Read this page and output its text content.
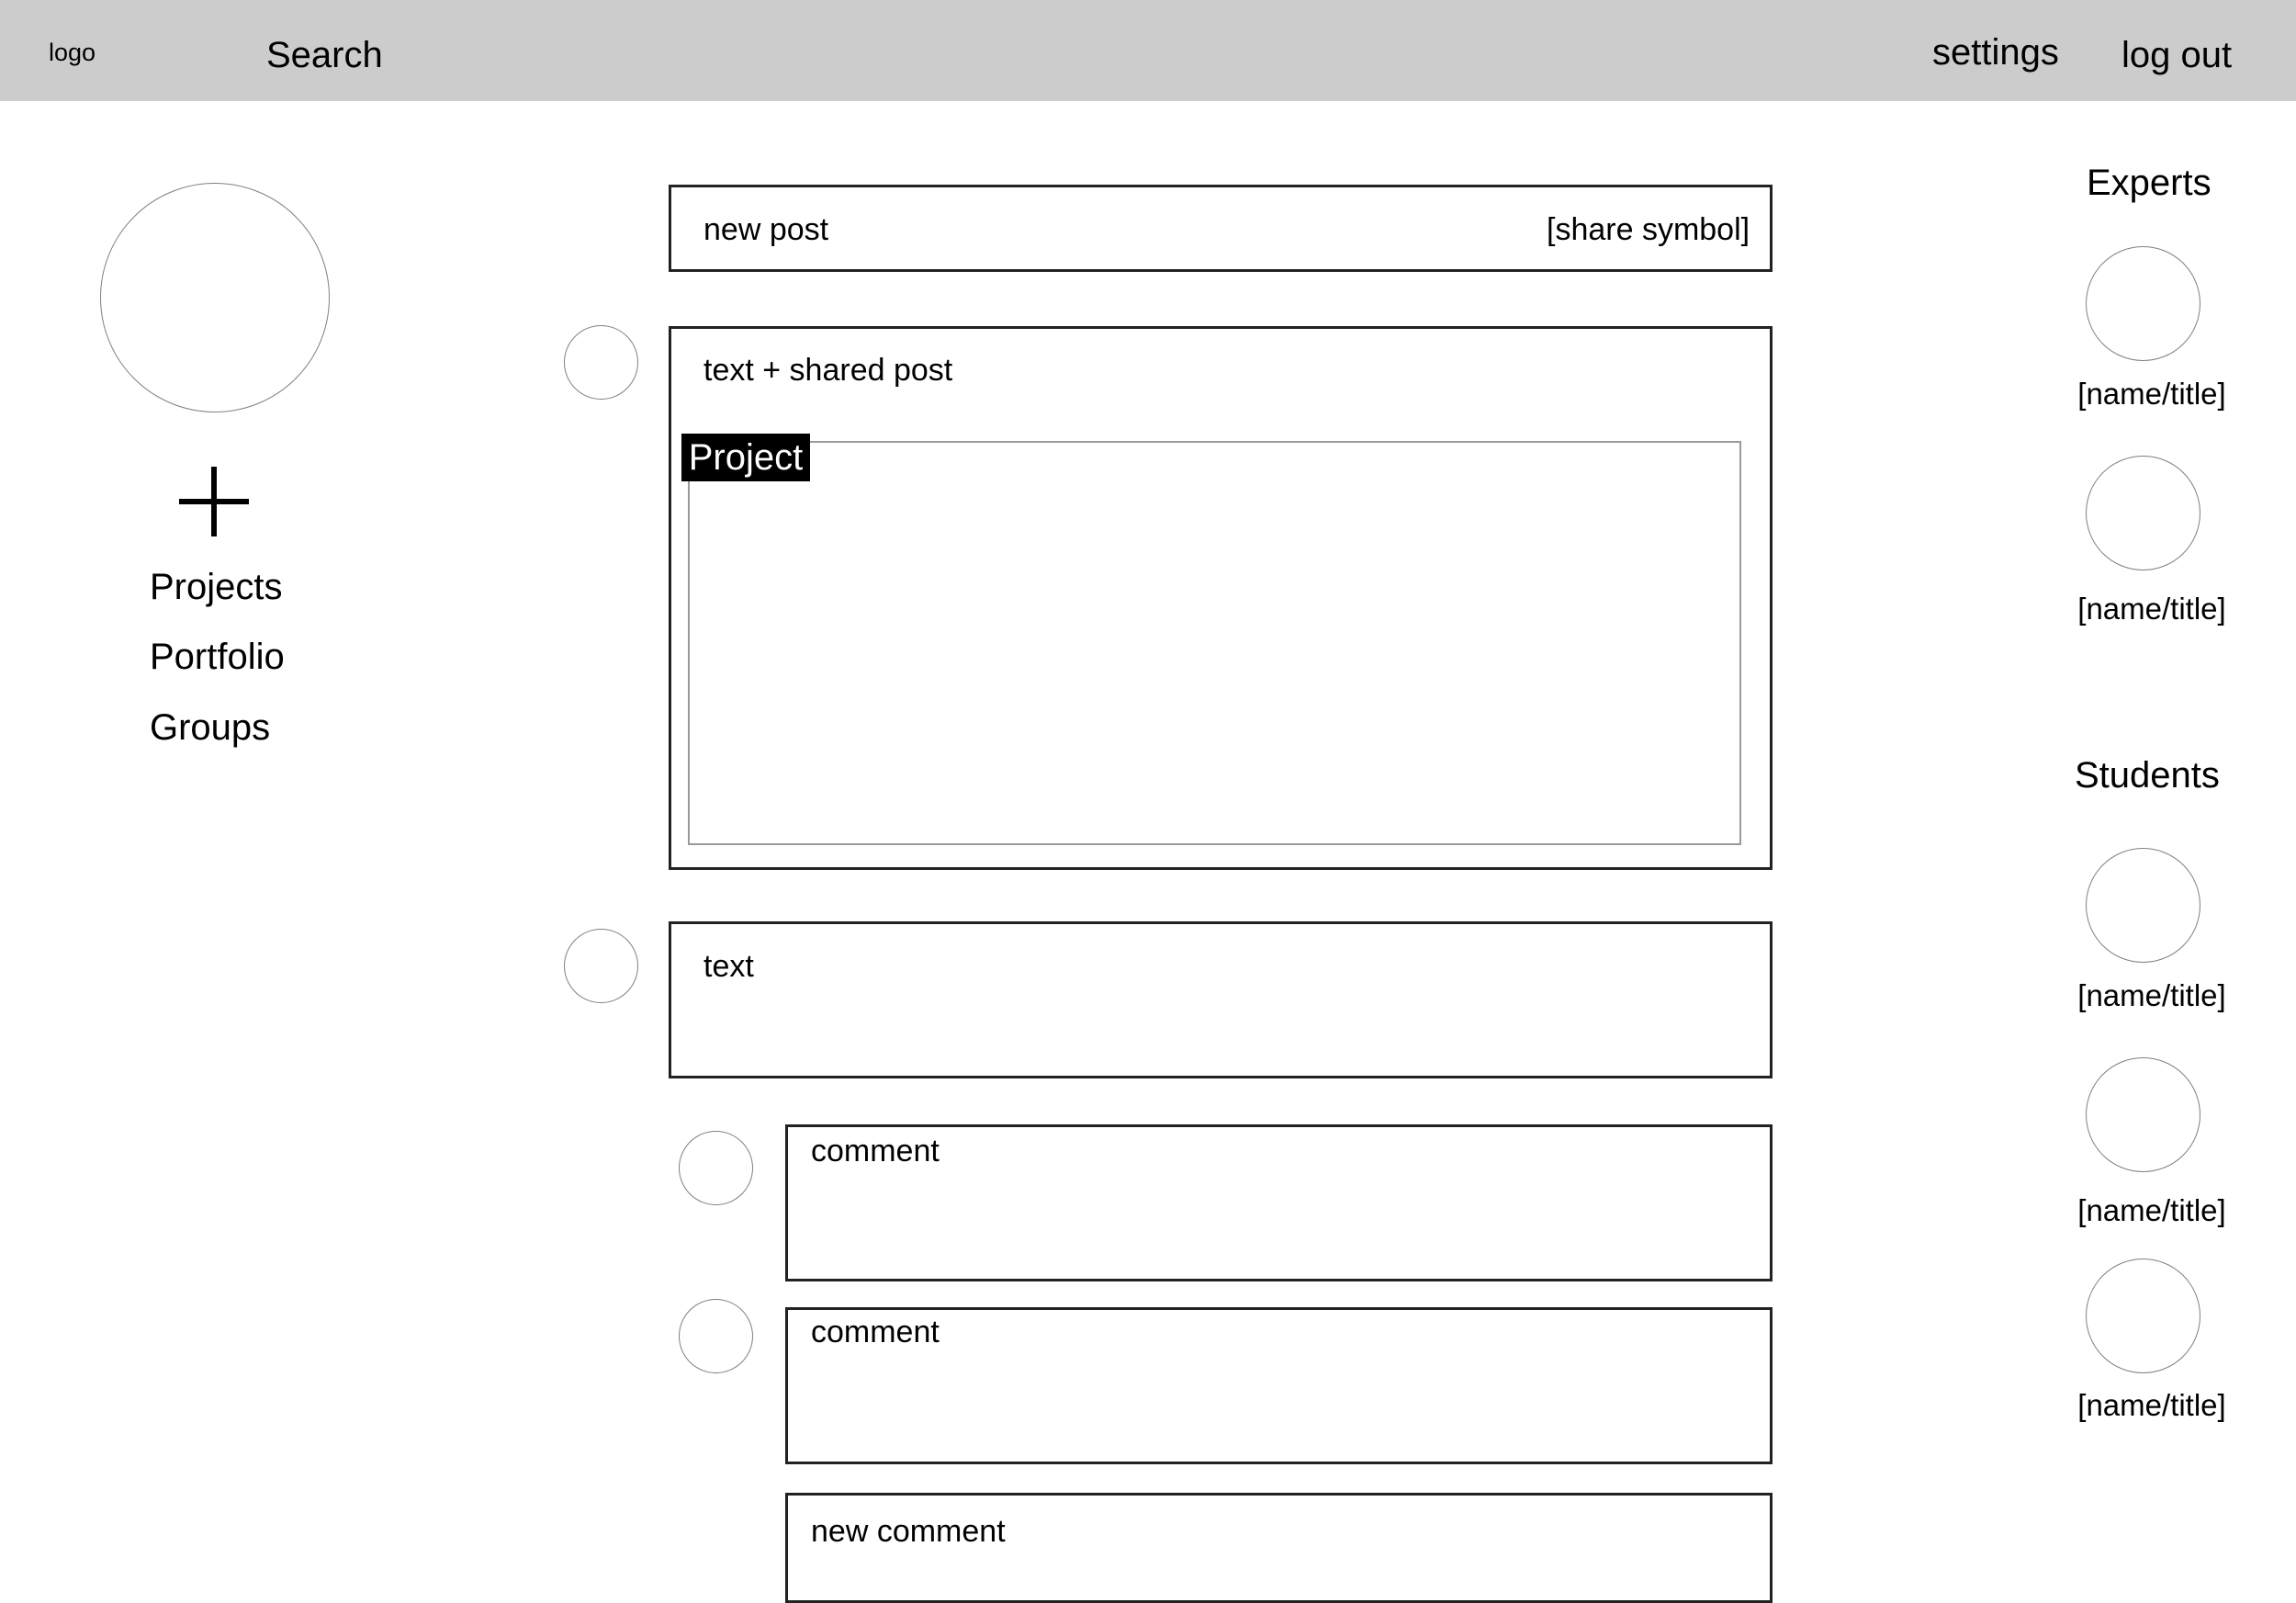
logo	Search	settings log out
Projects
Portfolio
Groups
new post	[share symbol]
text + shared post
Project
text
comment
comment
new comment
Experts
[name/title]
[name/title]
Students
[name/title]
[name/title]
[name/title]
